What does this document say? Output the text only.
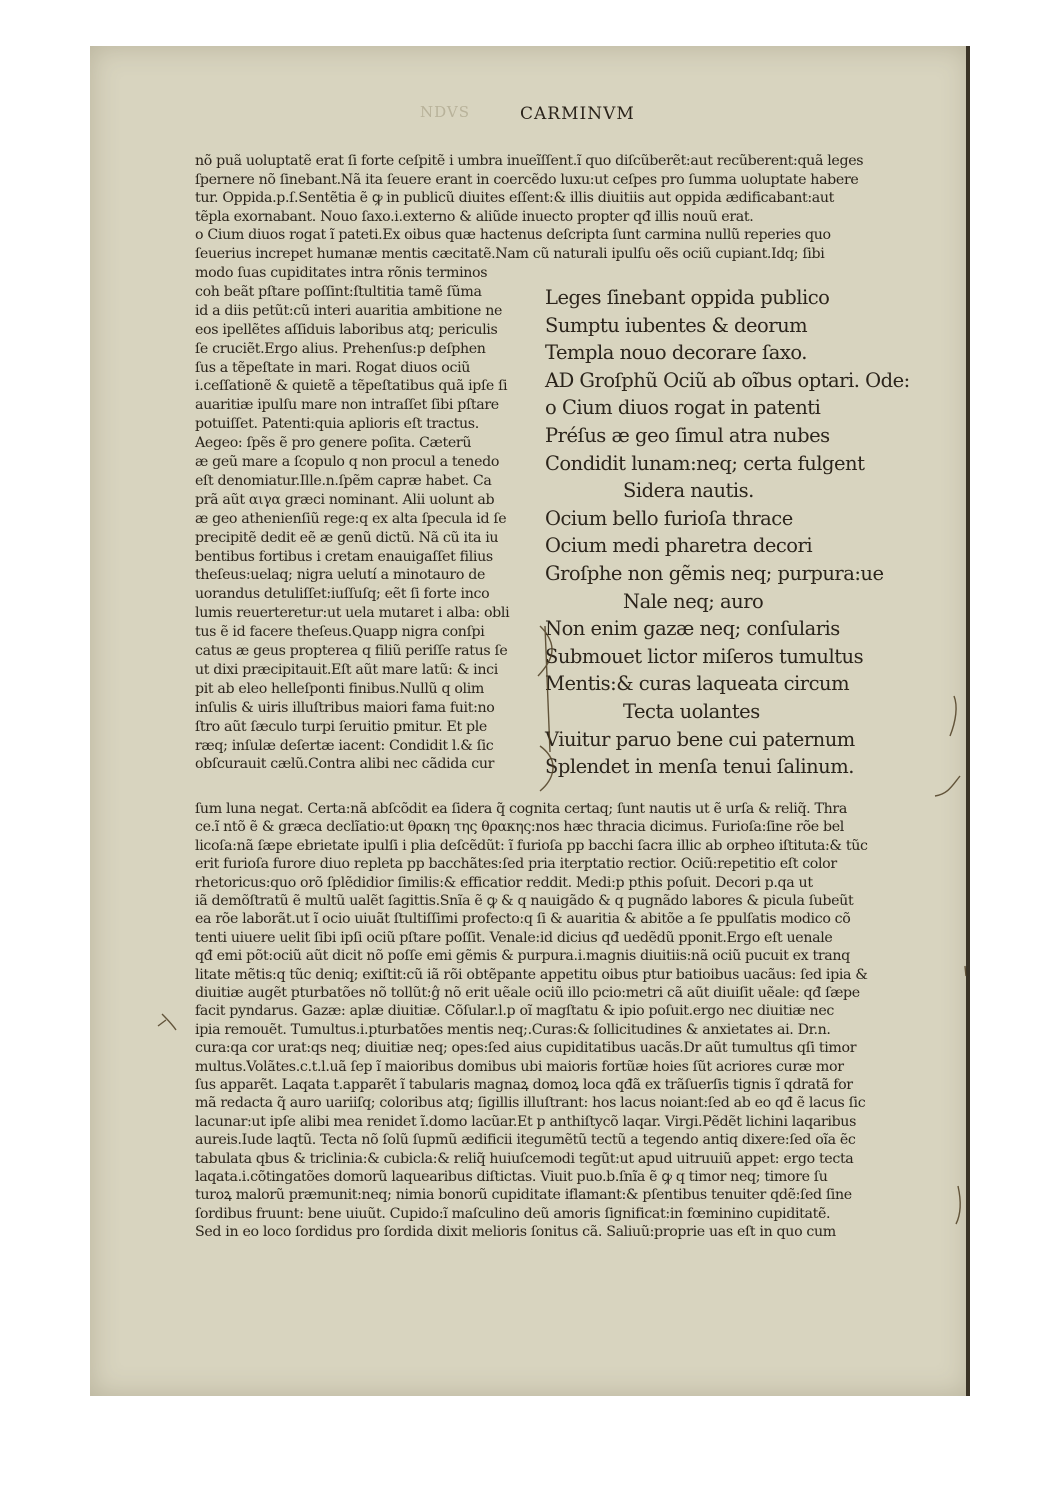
NDVS	CARMINVM
nõ puã uoluptatẽ erat ſi forte ceſpitẽ i umbra inueĩſſent.ĩ quo diſcũberẽt:aut recũberent:quã leges
ſpernere nõ ſinebant.Nã ita ſeuere erant in coercẽdo luxu:ut ceſpes pro ſumma uoluptate habere
tur. Oppida.p.ſ.Sentẽtia ẽ ꝙ in publicũ diuites eſſent:& illis diuitiis aut oppida ædificabant:aut
tẽpla exornabant. Nouo ſaxo.i.externo & aliũde inuecto propter qđ illis nouũ erat.
o Cium diuos rogat ĩ pateti.Ex oibus quæ hactenus deſcripta ſunt carmina nullũ reperies quo
ſeuerius increpet humanæ mentis cæcitatẽ.Nam cũ naturali ipulſu oẽs ociũ cupiant.Idq; ſibi
modo ſuas cupiditates intra rõnis terminos
coh beãt pſtare poſſint:ſtultitia tamẽ ſũma
id a diis petũt:cũ interi auaritia ambitione ne
eos ipellẽtes aſſiduis laboribus atq; periculis
ſe cruciẽt.Ergo alius. Prehenſus:p deſphen
ſus a tẽpeſtate in mari. Rogat diuos ociũ
i.ceſſationẽ & quietẽ a tẽpeſtatibus quã ipſe ſi
auaritiæ ipulſu mare non intraſſet ſibi pſtare
potuiſſet. Patenti:quia aplioris eſt tractus.
Aegeo: ſpẽs ẽ pro genere poſita. Cæterũ
æ geũ mare a ſcopulo q non procul a tenedo
eſt denomiatur.Ille.n.ſpẽm capræ habet. Ca
prã aũt αιγα græci nominant. Alii uolunt ab
æ geo athenienſiũ rege:q ex alta ſpecula id ſe
precipitẽ dedit eẽ æ genũ dictũ. Nã cũ ita iu
bentibus fortibus i cretam enauigaſſet filius
theſeus:uelaq; nigra uelutí a minotauro de
uorandus detuliſſet:iuſſuſq; eẽt ſi forte inco
lumis reuerteretur:ut uela mutaret i alba: obli
tus ẽ id facere theſeus.Quapp nigra conſpi
catus æ geus propterea q filiũ periſſe ratus ſe
ut dixi præcipitauit.Eſt aũt mare latũ: & inci
pit ab eleo helleſponti finibus.Nullũ q olim
inſulis & uiris illuſtribus maiori fama fuit:no
ſtro aũt ſæculo turpi ſeruitio pmitur. Et ple
ræq; inſulæ deſertæ iacent: Condidit l.& ſic
obſcurauit cælũ.Contra alibi nec cãdida cur
Leges ſinebant oppida publico
Sumptu iubentes & deorum
Templa nouo decorare ſaxo.
AD Groſphũ Ociũ ab oĩbus optari. Ode:
o Cium diuos rogat in patenti
Préſus æ geo ſimul atra nubes
Condidit lunam:neq; certa fulgent
Sidera nautis.
Ocium bello furioſa thrace
Ocium medi pharetra decori
Groſphe non gẽmis neq; purpura:ue
Nale neq; auro
Non enim gazæ neq; conſularis
Submouet lictor miſeros tumultus
Mentis:& curas laqueata circum
Tecta uolantes
Viuitur paruo bene cui paternum
Splendet in menſa tenui ſalinum.
ſum luna negat. Certa:nã abſcõdit ea ſidera q̃ cognita certaq; ſunt nautis ut ẽ urſa & reliq̃. Thra
ce.ĩ ntõ ẽ & græca declĩatio:ut θρακη της θρακης:nos hæc thracia dicimus. Furioſa:ſine rõe bel
licoſa:nã ſæpe ebrietate ipulſi i plia deſcẽdũt: ĩ furioſa pp bacchi ſacra illic ab orpheo iſtituta:& tũc
erit furioſa furore diuo repleta pp bacchãtes:ſed pria iterptatio rectior. Ociũ:repetitio eſt color
rhetoricus:quo orõ ſplẽdidior ſimilis:& efficatior reddit. Medi:p pthis poſuit. Decori p.qa ut
iã demõſtratũ ẽ multũ ualẽt ſagittis.Snĩa ẽ ꝙ & q nauigãdo & q pugnãdo labores & picula ſubeũt
ea rõe laborãt.ut ĩ ocio uiuãt ſtultiſſimi profecto:q ſi & auaritia & abitõe a ſe ppulſatis modico cõ
tenti uiuere uelit ſibi ipſi ociũ pſtare poſſit. Venale:id dicius qđ uedẽdũ pponit.Ergo eſt uenale
qđ emi põt:ociũ aũt dicit nõ poſſe emi gẽmis & purpura.i.magnis diuitiis:nã ociũ pucuit ex tranq
litate mẽtis:q tũc deniq; exiſtit:cũ iã rõi obtẽpante appetitu oibus ptur batioibus uacãus: ſed ipia &
diuitiæ augẽt pturbatões nõ tollũt:ĝ nõ erit uẽale ociũ illo pcio:metri cã aũt diuiſit uẽale: qđ ſæpe
facit pyndarus. Gazæ: aplæ diuitiæ. Cõſular.l.p oĩ magſtatu & ipio poſuit.ergo nec diuitiæ nec
ipia remouẽt. Tumultus.i.pturbatões mentis neq;.Curas:& ſollicitudines & anxietates ai. Dr.n.
cura:qa cor urat:qs neq; diuitiæ neq; opes:ſed aius cupiditatibus uacãs.Dr aũt tumultus qſi timor
multus.Volãtes.c.t.l.uã ſep ĩ maioribus domibus ubi maioris fortũæ hoies ſũt acriores curæ mor
ſus apparẽt. Laqata t.apparẽt ĩ tabularis magnaꝝ domoꝝ loca qđã ex trãſuerſis tignis ĩ qdratã for
mã redacta q̃ auro uariiſq; coloribus atq; ſigillis illuſtrant: hos lacus noiant:ſed ab eo qđ ẽ lacus ſic
lacunar:ut ipſe alibi mea renidet ĩ.domo lacũar.Et p anthiſtycõ laqar. Virgi.Pẽdẽt lichini laqaribus
aureis.Iude laqtũ. Tecta nõ ſolũ ſupmũ ædificii itegumẽtũ tectũ a tegendo antiq dixere:ſed oĩa ẽc
tabulata qbus & triclinia:& cubicla:& reliq̃ huiuſcemodi tegũt:ut apud uitruuiũ appet: ergo tecta
laqata.i.cõtingatões domorũ laquearibus diſtictas. Viuit puo.b.ſnĩa ẽ ꝙ q timor neq; timore ſu
turoꝝ malorũ præmunit:neq; nimia bonorũ cupiditate iflamant:& pſentibus tenuiter qdẽ:ſed ſine
ſordibus fruunt: bene uiuũt. Cupido:ĩ maſculino deũ amoris ſignificat:in fœminino cupiditatẽ.
Sed in eo loco ſordidus pro ſordida dixit melioris ſonitus cã. Saliuũ:proprie uas eſt in quo cum
